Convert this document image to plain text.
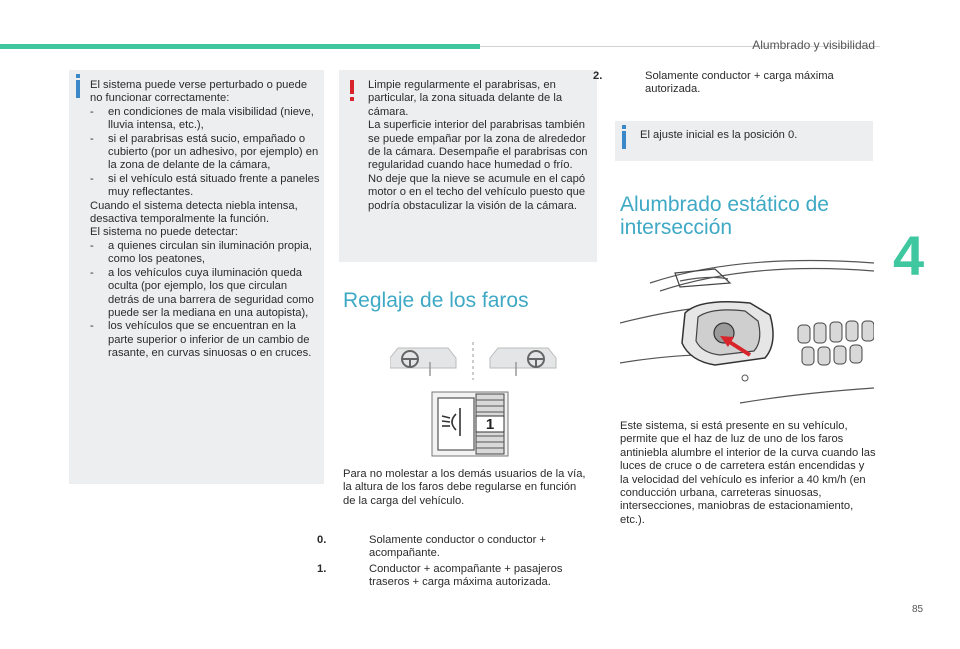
Alumbrado y visibilidad
4
85
El sistema puede verse perturbado o puede no funcionar correctamente:
- en condiciones de mala visibilidad (nieve, lluvia intensa, etc.),
- si el parabrisas está sucio, empañado o cubierto (por un adhesivo, por ejemplo) en la zona de delante de la cámara,
- si el vehículo está situado frente a paneles muy reflectantes.
Cuando el sistema detecta niebla intensa, desactiva temporalmente la función.
El sistema no puede detectar:
- a quienes circulan sin iluminación propia, como los peatones,
- a los vehículos cuya iluminación queda oculta (por ejemplo, los que circulan detrás de una barrera de seguridad como puede ser la mediana en una autopista),
- los vehículos que se encuentran en la parte superior o inferior de un cambio de rasante, en curvas sinuosas o en cruces.
Limpie regularmente el parabrisas, en particular, la zona situada delante de la cámara.
La superficie interior del parabrisas también se puede empañar por la zona de alrededor de la cámara. Desempañe el parabrisas con regularidad cuando hace humedad o frío.
No deje que la nieve se acumule en el capó motor o en el techo del vehículo puesto que podría obstaculizar la visión de la cámara.
Reglaje de los faros
1
Para no molestar a los demás usuarios de la vía, la altura de los faros debe regularse en función de la carga del vehículo.
0.	Solamente conductor o conductor + acompañante.
1.	Conductor + acompañante + pasajeros traseros + carga máxima autorizada.
2.	Solamente conductor + carga máxima autorizada.
El ajuste inicial es la posición 0.
Alumbrado estático de intersección
Este sistema, si está presente en su vehículo, permite que el haz de luz de uno de los faros antiniebla alumbre el interior de la curva cuando las luces de cruce o de carretera están encendidas y la velocidad del vehículo es inferior a 40 km/h (en conducción urbana, carreteras sinuosas, intersecciones, maniobras de estacionamiento, etc.).
